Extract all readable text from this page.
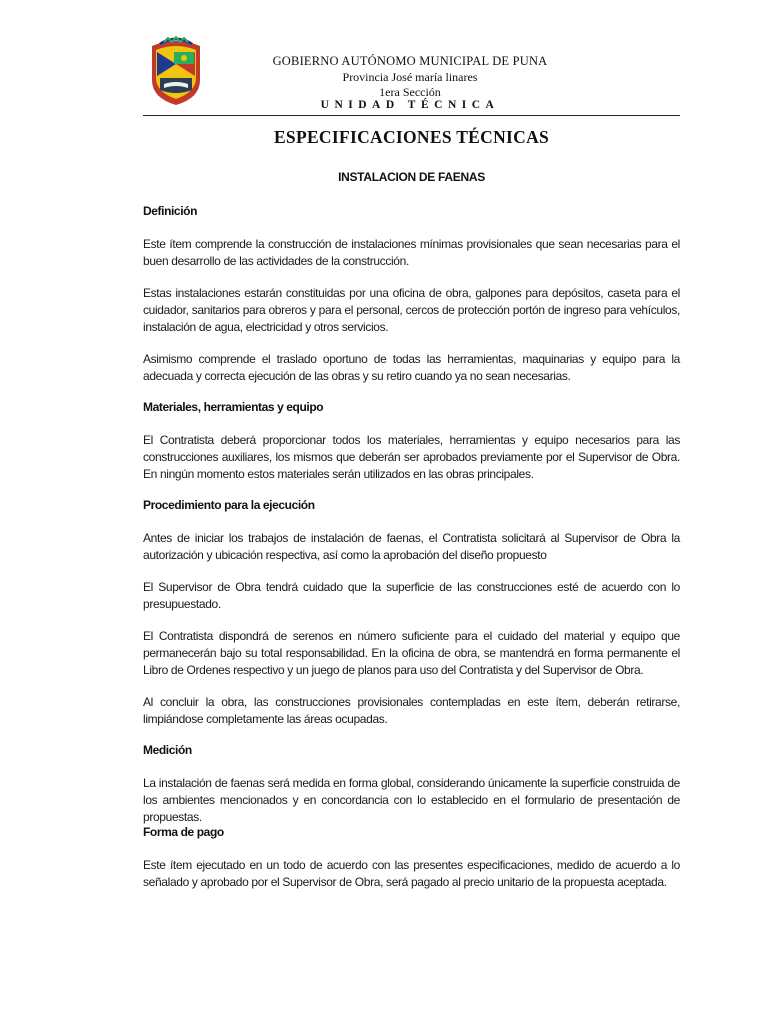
GOBIERNO AUTÓNOMO MUNICIPAL DE PUNA
Provincia José maría linares
1era Sección
UNIDAD TÉCNICA
ESPECIFICACIONES TÉCNICAS
INSTALACION DE FAENAS
Definición

Este ítem comprende la construcción de instalaciones mínimas provisionales que sean necesarias para el buen desarrollo de las actividades de la construcción.

Estas instalaciones estarán constituidas por una oficina de obra, galpones para depósitos, caseta para el cuidador, sanitarios para obreros y para el personal, cercos de protección portón de ingreso para vehículos, instalación de agua, electricidad y otros servicios.

Asimismo comprende el traslado oportuno de todas las herramientas, maquinarias y equipo para la adecuada y correcta ejecución de las obras y su retiro cuando ya no sean necesarias.

Materiales, herramientas y equipo

El Contratista deberá proporcionar todos los materiales, herramientas y equipo necesarios para las construcciones auxiliares, los mismos que deberán ser aprobados previamente por el Supervisor de Obra. En ningún momento estos materiales serán utilizados en las obras principales.

Procedimiento para la ejecución

Antes de iniciar los trabajos de instalación de faenas, el Contratista solicitará al Supervisor de Obra la autorización y ubicación respectiva, así como la aprobación del diseño propuesto

El Supervisor de Obra tendrá cuidado que la superficie de las construcciones esté de acuerdo con lo presupuestado.

El Contratista dispondrá de serenos en número suficiente para el cuidado del material y equipo que permanecerán bajo su total responsabilidad. En la oficina de obra, se mantendrá en forma permanente el Libro de Ordenes respectivo y un juego de planos para uso del Contratista y del Supervisor de Obra.

Al concluir la obra, las construcciones provisionales contempladas en este ítem, deberán retirarse, limpiándose completamente las áreas ocupadas.

Medición

La instalación de faenas será medida en forma global, considerando únicamente la superficie construida de los ambientes mencionados y en concordancia con lo establecido en el formulario de presentación de propuestas.

Forma de pago

Este ítem ejecutado en un todo de acuerdo con las presentes especificaciones, medido de acuerdo a lo señalado y aprobado por el Supervisor de Obra, será pagado al precio unitario de la propuesta aceptada.
